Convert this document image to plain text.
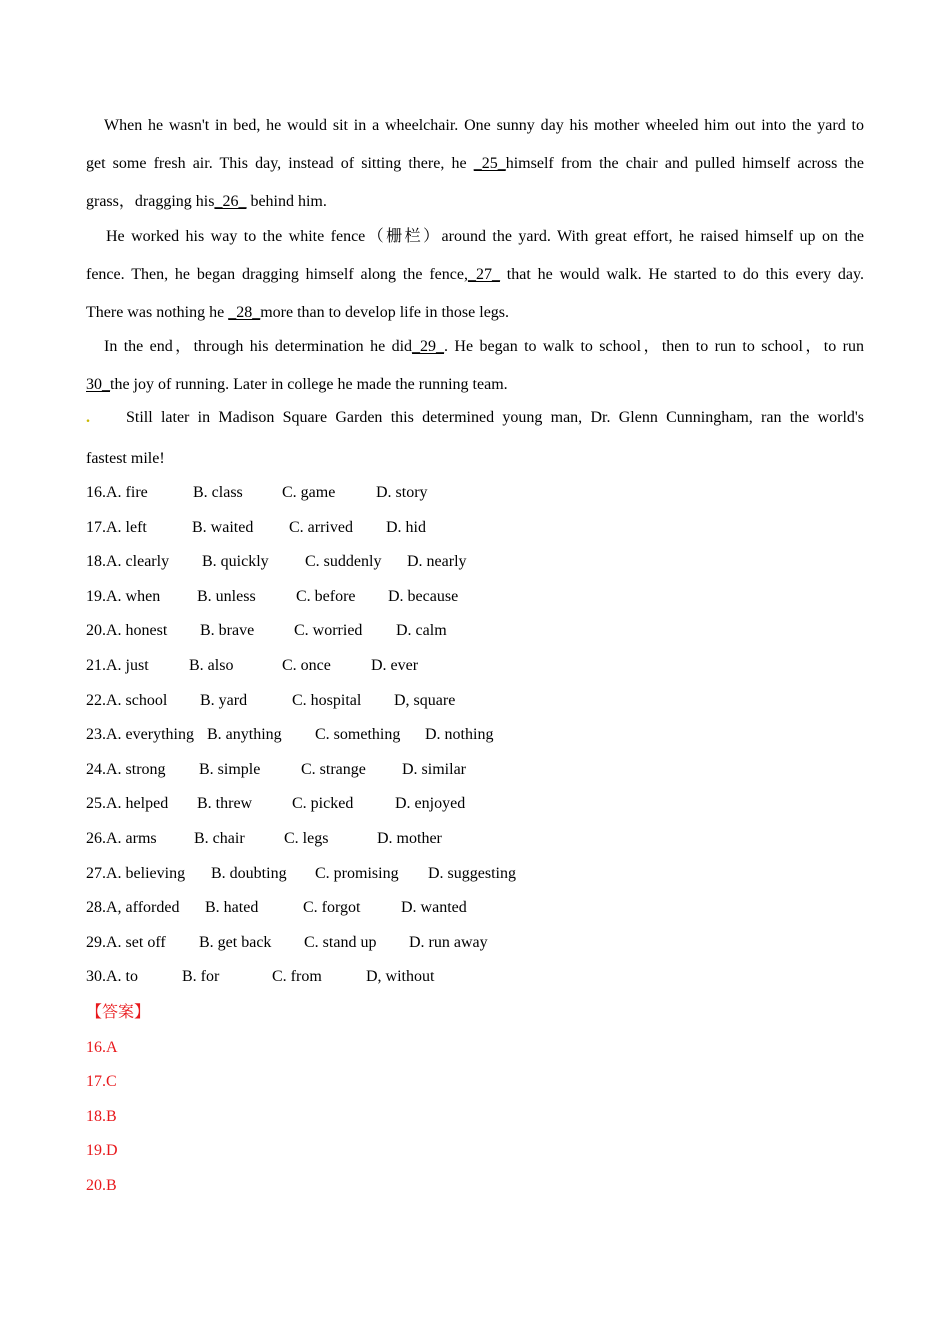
When he wasn't in bed, he would sit in a wheelchair. One sunny day his mother wheeled him out into the yard to
get some fresh air. This day, instead of sitting there, he _25_himself from the chair and pulled himself across the
grass，dragging his_26_ behind him.

He worked his way to the white fence（栅栏）around the yard. With great effort, he raised himself up on the
fence. Then, he began dragging himself along the fence,_27_ that he would walk. He started to do this every day.
There was nothing he _28_more than to develop life in those legs.

In the end，through his determination he did_29_. He began to walk to school，then to run to school，to run
30_the joy of running. Later in college he made the running team.

. Still later in Madison Square Garden this determined young man, Dr. Glenn Cunningham, ran the world's
fastest mile!

16.A. fire	B. class C. game	D. story
17.A. left	B. waited C. arrived D. hid
18.A. clearly B. quickly C. suddenly D. nearly
19.A. when B. unless	C. before D. because
20.A. honest B. brave C. worried D. calm
21.A. just	B. also	C. once	D. ever
22.A. school B. yard	C. hospital D, square
23.A. everything B. anything C. something D. nothing
24.A. strong B. simple	C. strange D. similar
25.A. helped B. threw C. picked	D. enjoyed
26.A. arms B. chair C. legs	D. mother
27.A. believing B. doubting C. promising D. suggesting
28.A, afforded B. hated	C. forgot	D. wanted
29.A. set off B. get back C. stand up D. run away
30.A. to	B. for	C. from	D, without
【答案】
16.A
17.C
18.B
19.D
20.B
